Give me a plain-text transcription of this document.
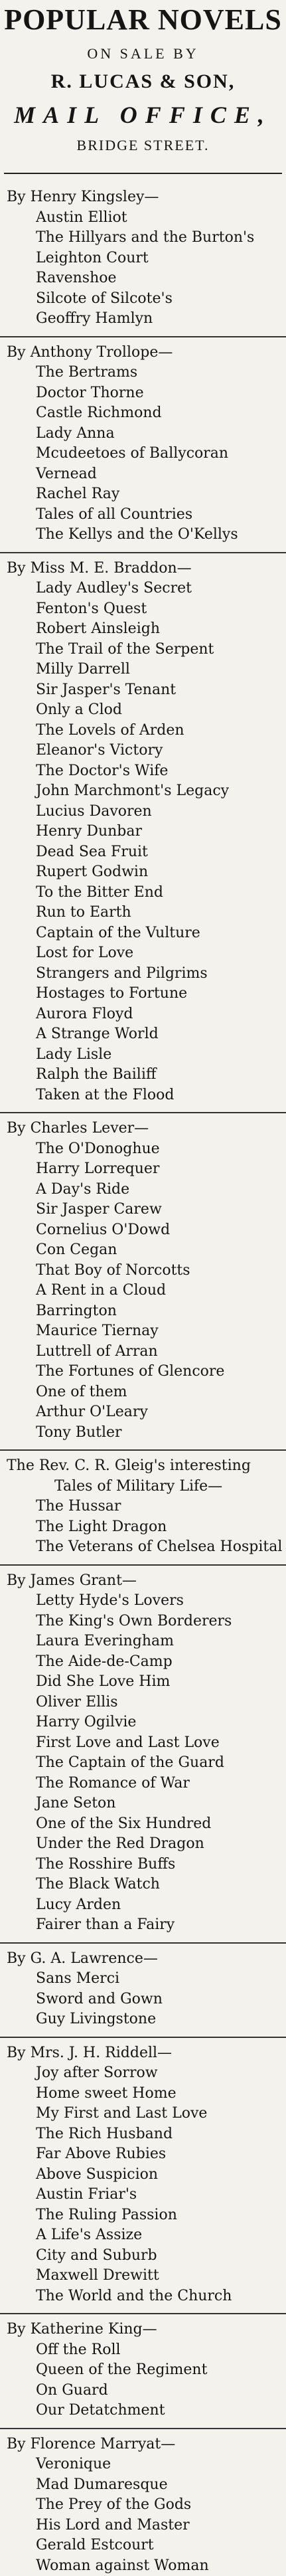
POPULAR NOVELS
ON SALE BY
R. LUCAS & SON,
MAIL OFFICE,
BRIDGE STREET.
By Henry Kingsley—
Austin Elliot
The Hillyars and the Burton's
Leighton Court
Ravenshoe
Silcote of Silcote's
Geoffry Hamlyn
By Anthony Trollope—
The Bertrams
Doctor Thorne
Castle Richmond
Lady Anna
Mcudeetoes of Ballycoran
Vernead
Rachel Ray
Tales of all Countries
The Kellys and the O'Kellys
By Miss M. E. Braddon—
Lady Audley's Secret
Fenton's Quest
Robert Ainsleigh
The Trail of the Serpent
Milly Darrell
Sir Jasper's Tenant
Only a Clod
The Lovels of Arden
Eleanor's Victory
The Doctor's Wife
John Marchmont's Legacy
Lucius Davoren
Henry Dunbar
Dead Sea Fruit
Rupert Godwin
To the Bitter End
Run to Earth
Captain of the Vulture
Lost for Love
Strangers and Pilgrims
Hostages to Fortune
Aurora Floyd
A Strange World
Lady Lisle
Ralph the Bailiff
Taken at the Flood
By Charles Lever—
The O'Donoghue
Harry Lorrequer
A Day's Ride
Sir Jasper Carew
Cornelius O'Dowd
Con Cegan
That Boy of Norcotts
A Rent in a Cloud
Barrington
Maurice Tiernay
Luttrell of Arran
The Fortunes of Glencore
One of them
Arthur O'Leary
Tony Butler
The Rev. C. R. Gleig's interesting
Tales of Military Life—
The Hussar
The Light Dragon
The Veterans of Chelsea Hospital
By James Grant—
Letty Hyde's Lovers
The King's Own Borderers
Laura Everingham
The Aide-de-Camp
Did She Love Him
Oliver Ellis
Harry Ogilvie
First Love and Last Love
The Captain of the Guard
The Romance of War
Jane Seton
One of the Six Hundred
Under the Red Dragon
The Rosshire Buffs
The Black Watch
Lucy Arden
Fairer than a Fairy
By G. A. Lawrence—
Sans Merci
Sword and Gown
Guy Livingstone
By Mrs. J. H. Riddell—
Joy after Sorrow
Home sweet Home
My First and Last Love
The Rich Husband
Far Above Rubies
Above Suspicion
Austin Friar's
The Ruling Passion
A Life's Assize
City and Suburb
Maxwell Drewitt
The World and the Church
By Katherine King—
Off the Roll
Queen of the Regiment
On Guard
Our Detatchment
By Florence Marryat—
Veronique
Mad Dumaresque
The Prey of the Gods
His Lord and Master
Gerald Estcourt
Woman against Woman
